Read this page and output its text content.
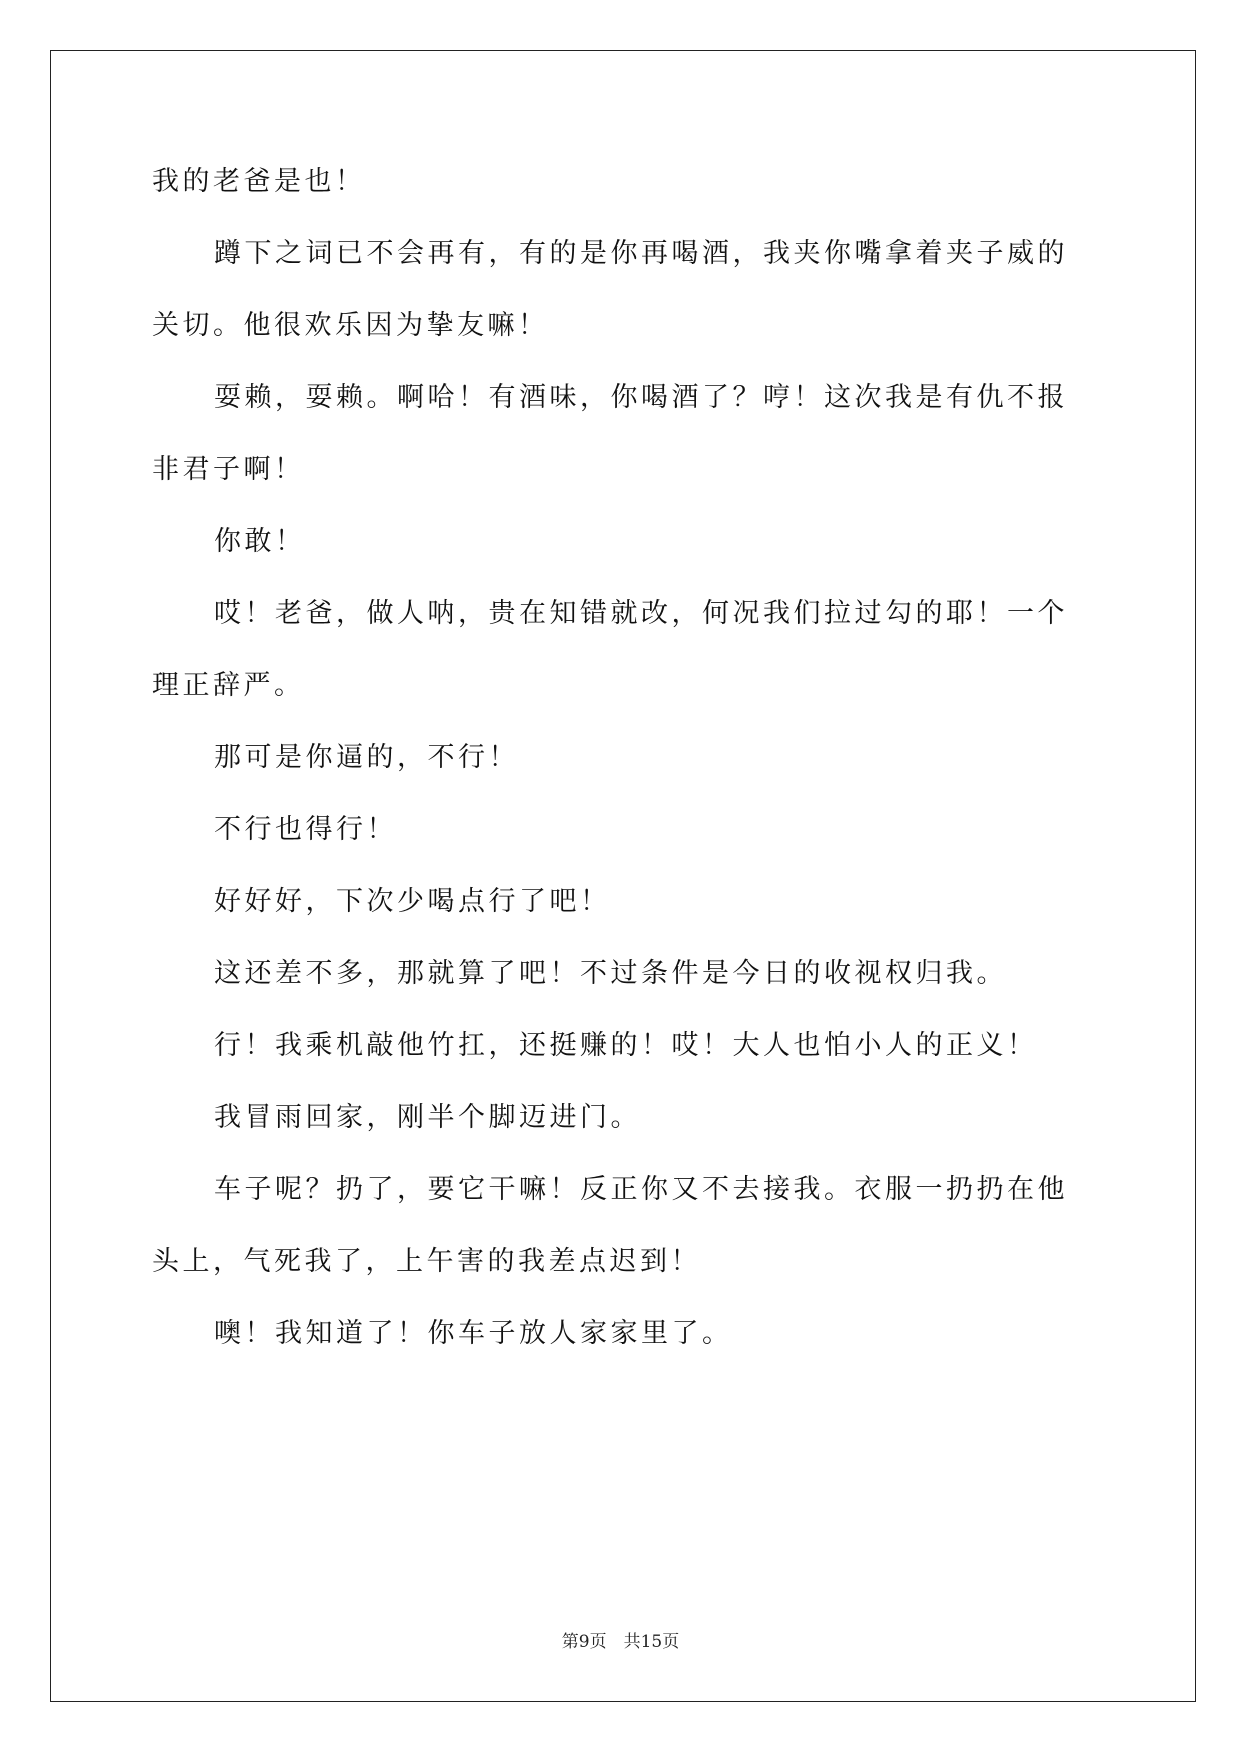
我的老爸是也！
蹲下之词已不会再有，有的是你再喝酒，我夹你嘴拿着夹子威的
关切。他很欢乐因为挚友嘛！
耍赖，耍赖。啊哈！有酒味，你喝酒了？哼！这次我是有仇不报
非君子啊！
你敢！
哎！老爸，做人呐，贵在知错就改，何况我们拉过勾的耶！一个
理正辞严。
那可是你逼的，不行！
不行也得行！
好好好，下次少喝点行了吧！
这还差不多，那就算了吧！不过条件是今日的收视权归我。
行！我乘机敲他竹扛，还挺赚的！哎！大人也怕小人的正义！
我冒雨回家，刚半个脚迈进门。
车子呢？扔了，要它干嘛！反正你又不去接我。衣服一扔扔在他
头上，气死我了，上午害的我差点迟到！
噢！我知道了！你车子放人家家里了。
第9页　共15页
